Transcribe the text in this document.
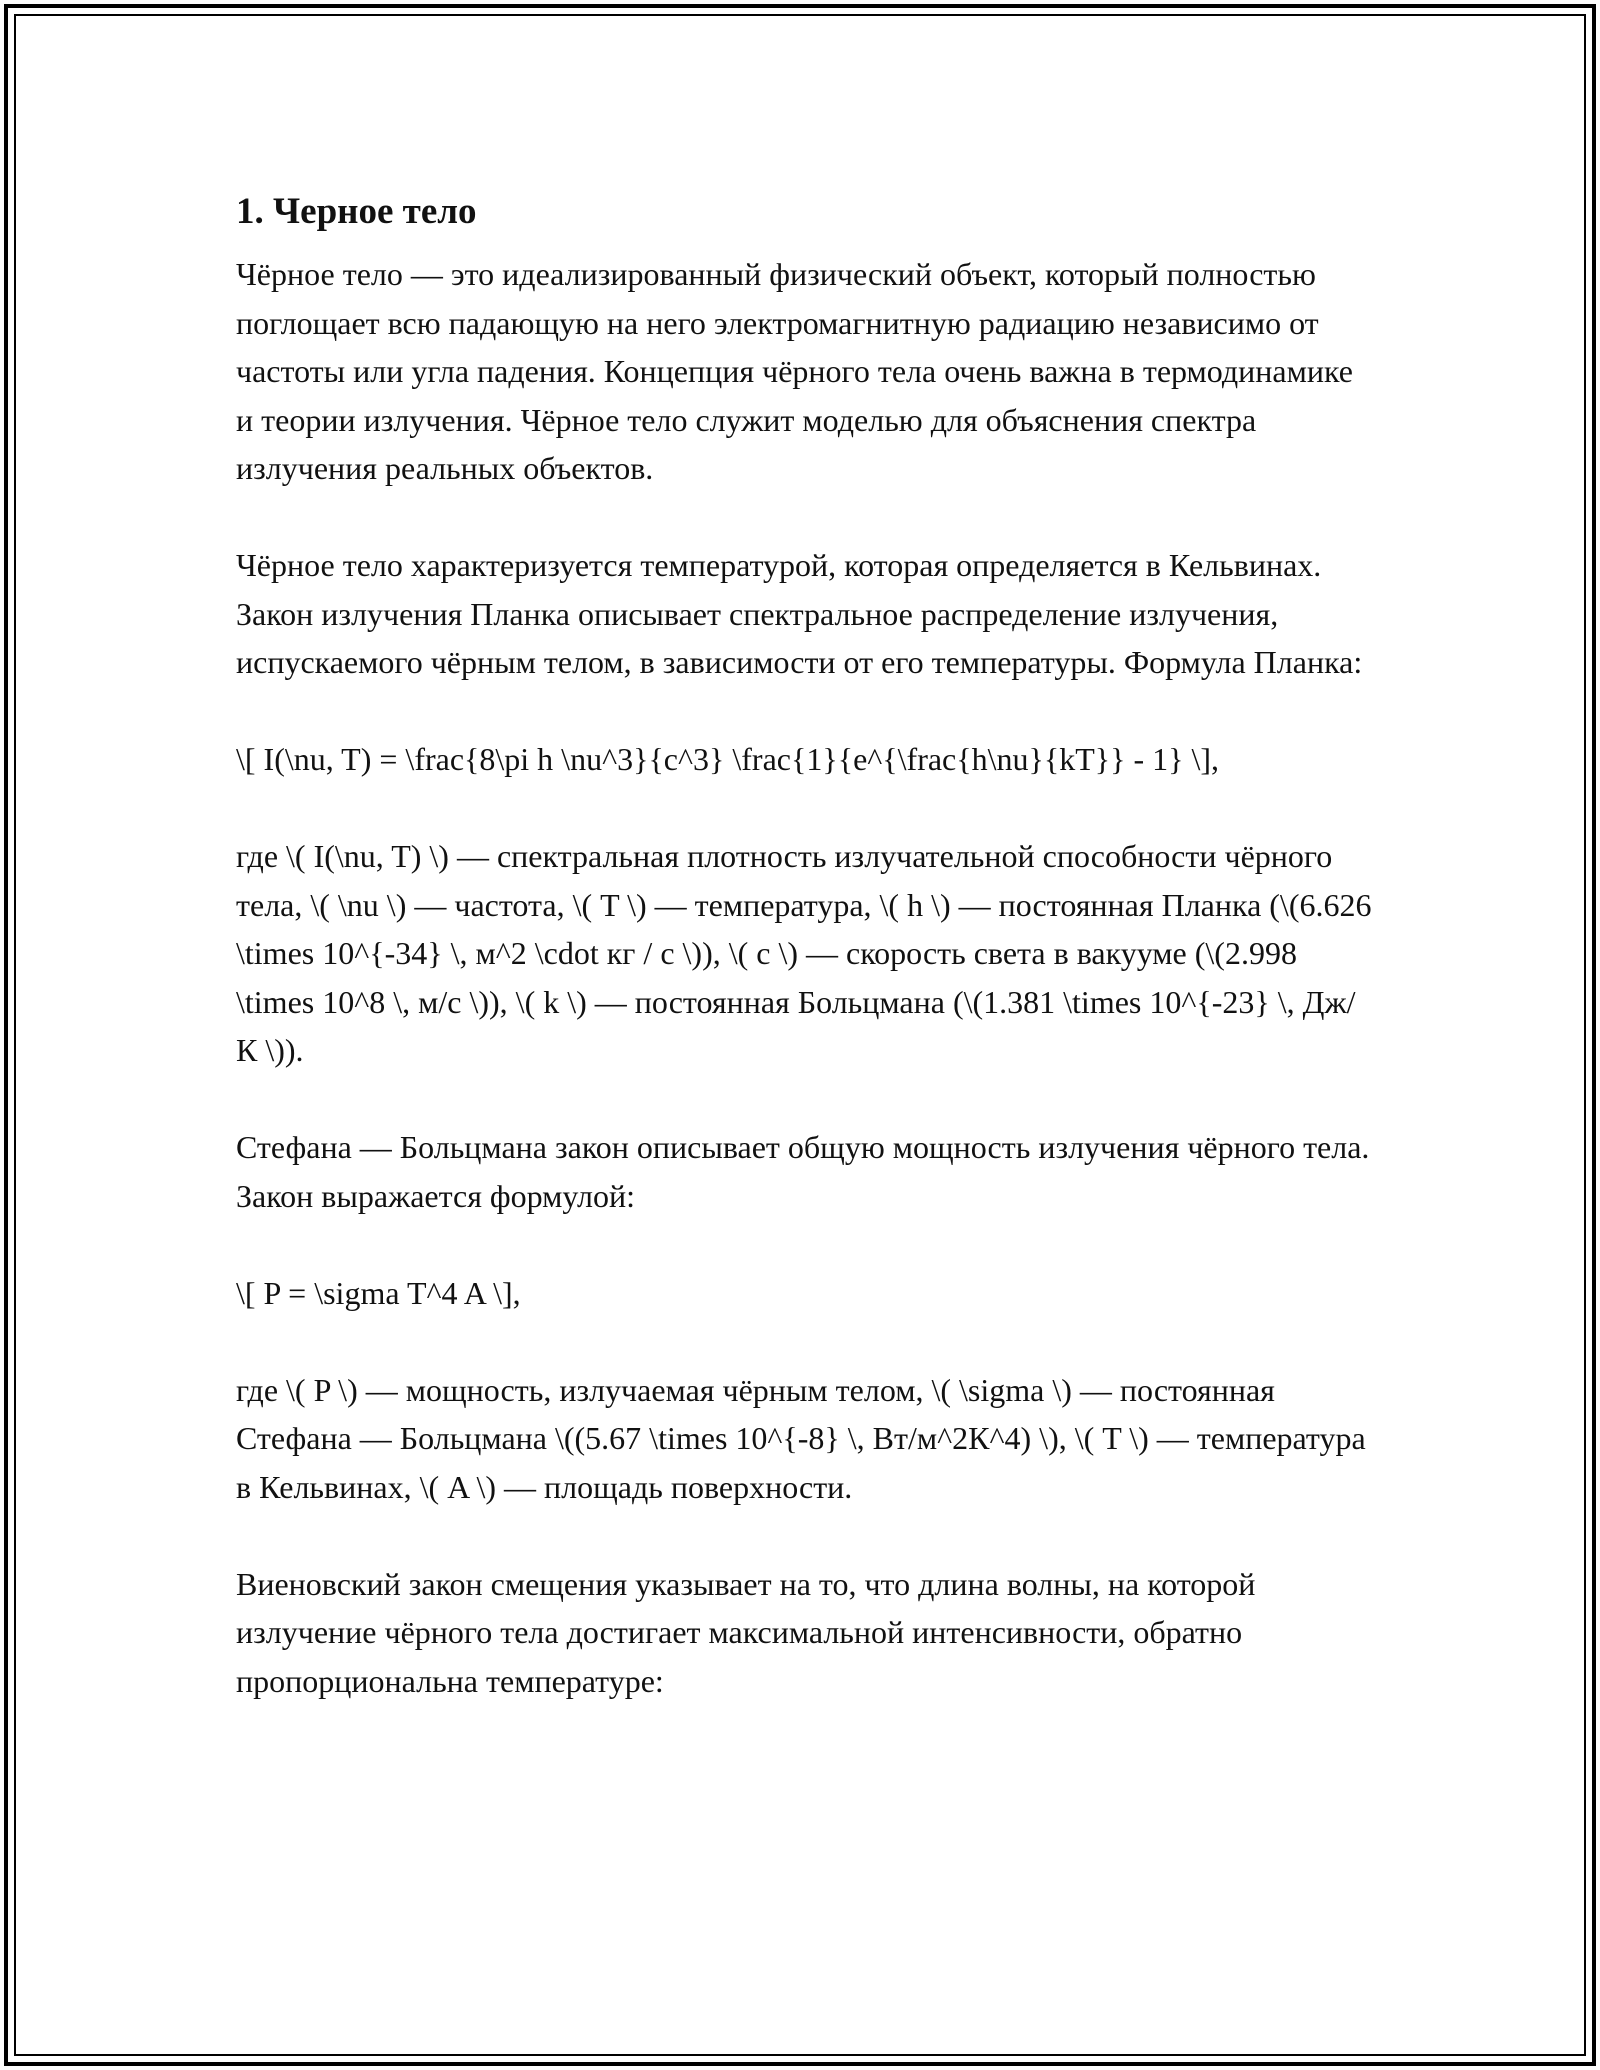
1. Черное тело

Чёрное тело — это идеализированный физический объект, который полностью поглощает всю падающую на него электромагнитную радиацию независимо от частоты или угла падения. Концепция чёрного тела очень важна в термодинамике и теории излучения. Чёрное тело служит моделью для объяснения спектра излучения реальных объектов.

Чёрное тело характеризуется температурой, которая определяется в Кельвинах. Закон излучения Планка описывает спектральное распределение излучения, испускаемого чёрным телом, в зависимости от его температуры. Формула Планка:

\[ I(\nu, T) = \frac{8\pi h \nu^3}{c^3} \frac{1}{e^{\frac{h\nu}{kT}} - 1} \],

где \( I(\nu, T) \) — спектральная плотность излучательной способности чёрного тела, \( \nu \) — частота, \( T \) — температура, \( h \) — постоянная Планка (\(6.626 \times 10^{-34} \, м^2 \cdot кг / с \)), \( c \) — скорость света в вакууме (\(2.998 \times 10^8 \, м/с \)), \( k \) — постоянная Больцмана (\(1.381 \times 10^{-23} \, Дж/К \)).

Стефана — Больцмана закон описывает общую мощность излучения чёрного тела. Закон выражается формулой:

\[ P = \sigma T^4 A \],

где \( P \) — мощность, излучаемая чёрным телом, \( \sigma \) — постоянная Стефана — Больцмана \((5.67 \times 10^{-8} \, Вт/м^2К^4) \), \( T \) — температура в Кельвинах, \( A \) — площадь поверхности.

Виеновский закон смещения указывает на то, что длина волны, на которой излучение чёрного тела достигает максимальной интенсивности, обратно пропорциональна температуре:
